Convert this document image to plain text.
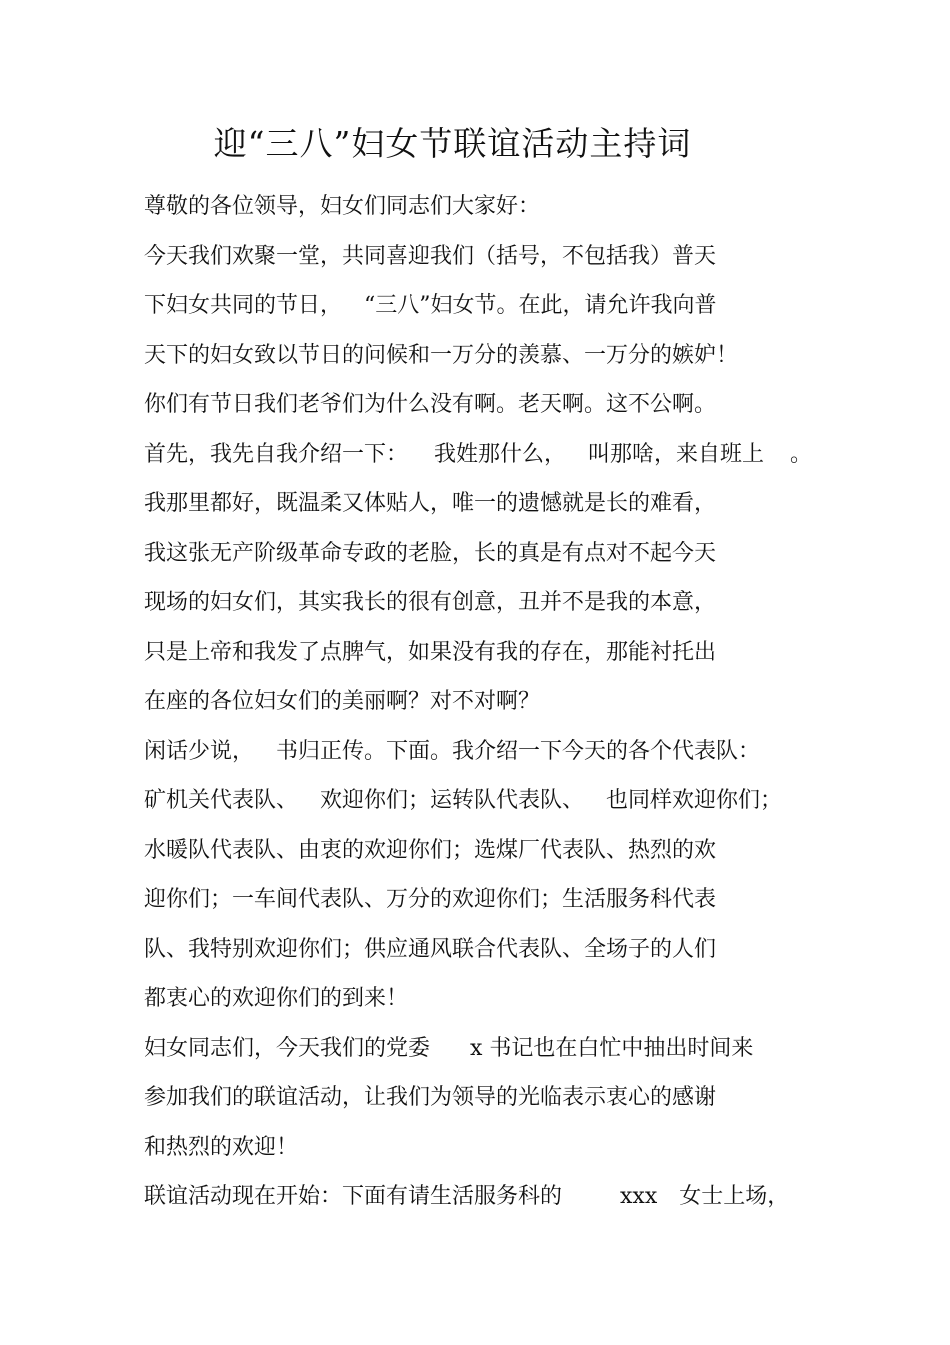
迎“三八”妇女节联谊活动主持词
尊敬的各位领导，妇女们同志们大家好：
今天我们欢聚一堂，共同喜迎我们（括号，不包括我）普天
下妇女共同的节日， “三八”妇女节。在此，请允许我向普
天下的妇女致以节日的问候和一万分的羡慕、一万分的嫉妒！
你们有节日我们老爷们为什么没有啊。老天啊。这不公啊。
首先，我先自我介绍一下： 我姓那什么， 叫那啥，来自班上 。
我那里都好，既温柔又体贴人，唯一的遗憾就是长的难看，
我这张无产阶级革命专政的老脸，长的真是有点对不起今天
现场的妇女们，其实我长的很有创意，丑并不是我的本意，
只是上帝和我发了点脾气，如果没有我的存在，那能衬托出
在座的各位妇女们的美丽啊？对不对啊？
闲话少说， 书归正传。下面。我介绍一下今天的各个代表队：
矿机关代表队、 欢迎你们；运转队代表队、 也同样欢迎你们；
水暖队代表队、由衷的欢迎你们；选煤厂代表队、热烈的欢
迎你们；一车间代表队、万分的欢迎你们；生活服务科代表
队、我特别欢迎你们；供应通风联合代表队、全场子的人们
都衷心的欢迎你们的到来！
妇女同志们，今天我们的党委 x 书记也在白忙中抽出时间来
参加我们的联谊活动，让我们为领导的光临表示衷心的感谢
和热烈的欢迎！
联谊活动现在开始：下面有请生活服务科的	xxx 女士上场，
